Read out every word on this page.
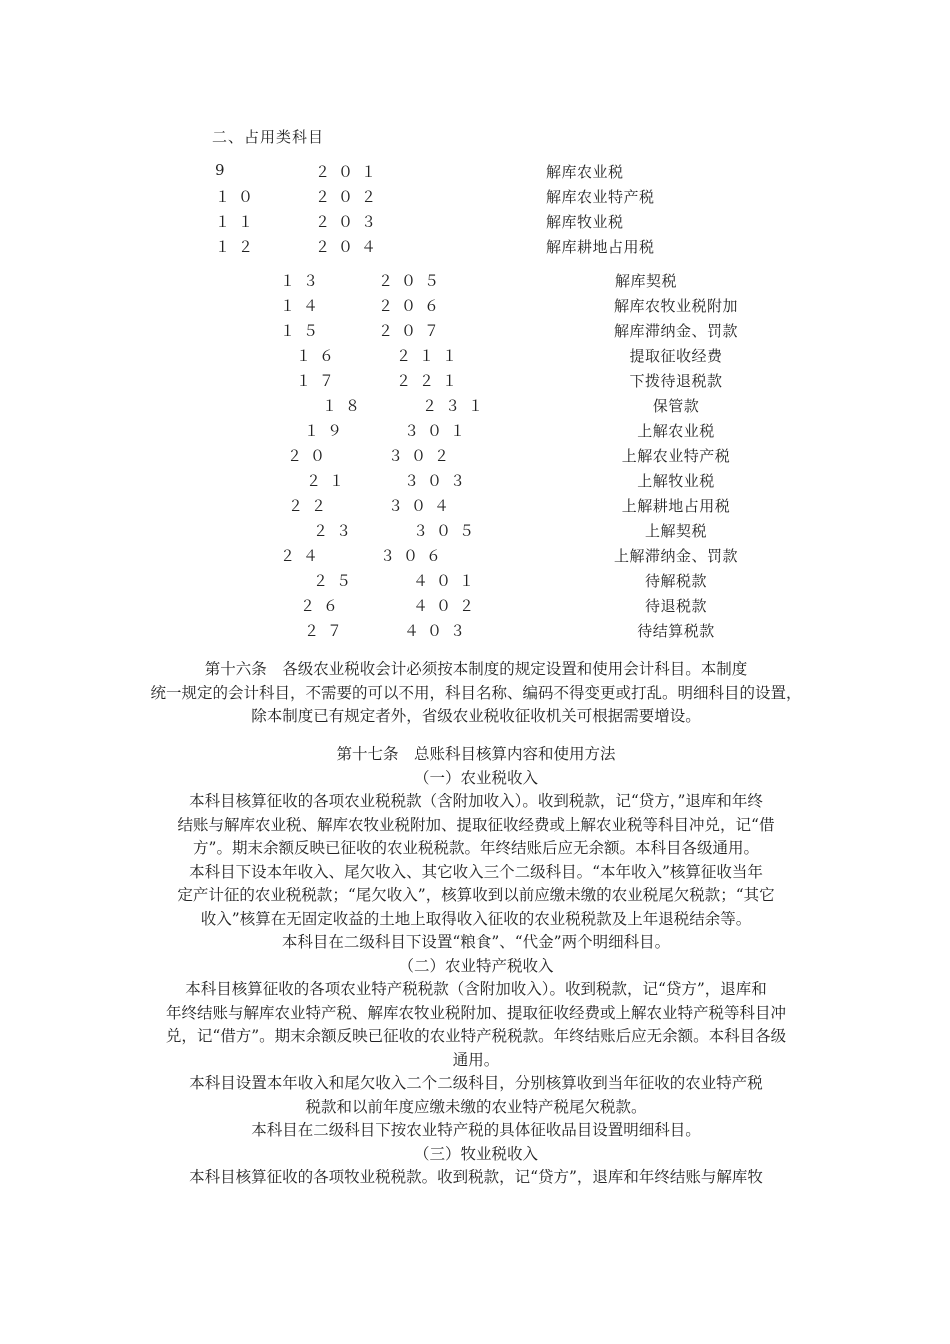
二、占用类科目
9	２０１	解库农业税
１０	２０２	解库农业特产税
１１	２０３	解库牧业税
１２	２０４	解库耕地占用税
１３	２０５	解库契税
１４	２０６	解库农牧业税附加
１５	２０７	解库滞纳金、罚款
１６	２１１	提取征收经费
１７	２２１	下拨待退税款
１８	２３１	保管款
１９	３０１	上解农业税
２０	３０２	上解农业特产税
２１	３０３	上解牧业税
２２	３０４	上解耕地占用税
２３	３０５	上解契税
２４	３０６	上解滞纳金、罚款
２５	４０１	待解税款
２６	４０２	待退税款
２７	４０３	待结算税款

第十六条　各级农业税收会计必须按本制度的规定设置和使用会计科目。本制度

统一规定的会计科目，不需要的可以不用，科目名称、编码不得变更或打乱。明细科目的设置，

除本制度已有规定者外，省级农业税收征收机关可根据需要增设。

第十七条　总账科目核算内容和使用方法

（一）农业税收入

本科目核算征收的各项农业税税款（含附加收入）。收到税款，记“贷方，”退库和年终

结账与解库农业税、解库农牧业税附加、提取征收经费或上解农业税等科目冲兑，记“借

方”。期末余额反映已征收的农业税税款。年终结账后应无余额。本科目各级通用。

本科目下设本年收入、尾欠收入、其它收入三个二级科目。“本年收入”核算征收当年

定产计征的农业税税款；“尾欠收入”，核算收到以前应缴未缴的农业税尾欠税款；“其它

收入”核算在无固定收益的土地上取得收入征收的农业税税款及上年退税结余等。

本科目在二级科目下设置“粮食”、“代金”两个明细科目。

（二）农业特产税收入

本科目核算征收的各项农业特产税税款（含附加收入）。收到税款，记“贷方”，退库和

年终结账与解库农业特产税、解库农牧业税附加、提取征收经费或上解农业特产税等科目冲

兑，记“借方”。期末余额反映已征收的农业特产税税款。年终结账后应无余额。本科目各级

通用。

本科目设置本年收入和尾欠收入二个二级科目，分别核算收到当年征收的农业特产税

税款和以前年度应缴未缴的农业特产税尾欠税款。

本科目在二级科目下按农业特产税的具体征收品目设置明细科目。

（三）牧业税收入

本科目核算征收的各项牧业税税款。收到税款，记“贷方”，退库和年终结账与解库牧
